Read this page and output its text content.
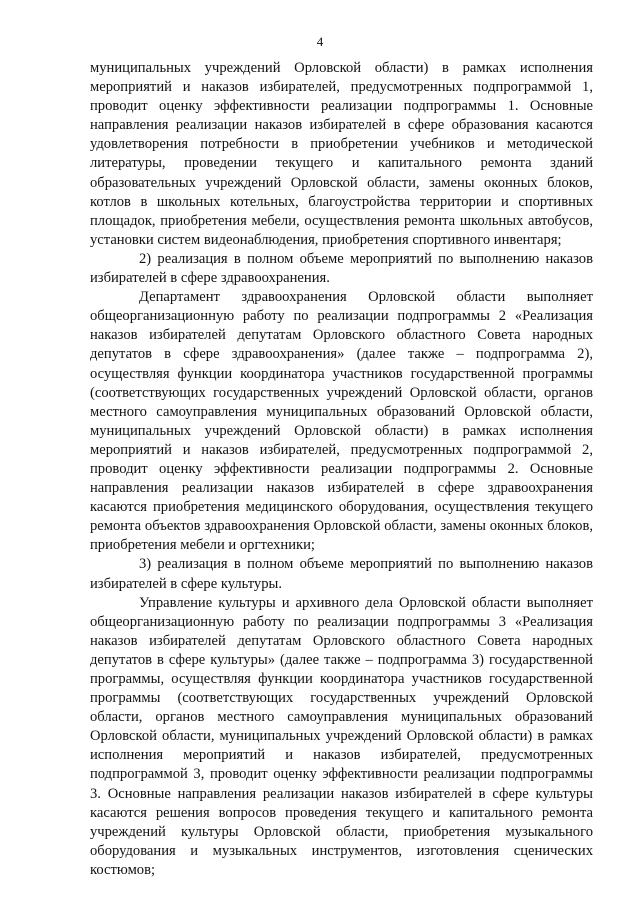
4

муниципальных учреждений Орловской области) в рамках исполнения мероприятий и наказов избирателей, предусмотренных подпрограммой 1, проводит оценку эффективности реализации подпрограммы 1. Основные направления реализации наказов избирателей в сфере образования касаются удовлетворения потребности в приобретении учебников и методической литературы, проведении текущего и капитального ремонта зданий образовательных учреждений Орловской области, замены оконных блоков, котлов в школьных котельных, благоустройства территории и спортивных площадок, приобретения мебели, осуществления ремонта школьных автобусов, установки систем видеонаблюдения, приобретения спортивного инвентаря;

2) реализация в полном объеме мероприятий по выполнению наказов избирателей в сфере здравоохранения.

Департамент здравоохранения Орловской области выполняет общеорганизационную работу по реализации подпрограммы 2 «Реализация наказов избирателей депутатам Орловского областного Совета народных депутатов в сфере здравоохранения» (далее также – подпрограмма 2), осуществляя функции координатора участников государственной программы (соответствующих государственных учреждений Орловской области, органов местного самоуправления муниципальных образований Орловской области, муниципальных учреждений Орловской области) в рамках исполнения мероприятий и наказов избирателей, предусмотренных подпрограммой 2, проводит оценку эффективности реализации подпрограммы 2. Основные направления реализации наказов избирателей в сфере здравоохранения касаются приобретения медицинского оборудования, осуществления текущего ремонта объектов здравоохранения Орловской области, замены оконных блоков, приобретения мебели и оргтехники;

3) реализация в полном объеме мероприятий по выполнению наказов избирателей в сфере культуры.

Управление культуры и архивного дела Орловской области выполняет общеорганизационную работу по реализации подпрограммы 3 «Реализация наказов избирателей депутатам Орловского областного Совета народных депутатов в сфере культуры» (далее также – подпрограмма 3) государственной программы, осуществляя функции координатора участников государственной программы (соответствующих государственных учреждений Орловской области, органов местного самоуправления муниципальных образований Орловской области, муниципальных учреждений Орловской области) в рамках исполнения мероприятий и наказов избирателей, предусмотренных подпрограммой 3, проводит оценку эффективности реализации подпрограммы 3. Основные направления реализации наказов избирателей в сфере культуры касаются решения вопросов проведения текущего и капитального ремонта учреждений культуры Орловской области, приобретения музыкального оборудования и музыкальных инструментов, изготовления сценических костюмов;
